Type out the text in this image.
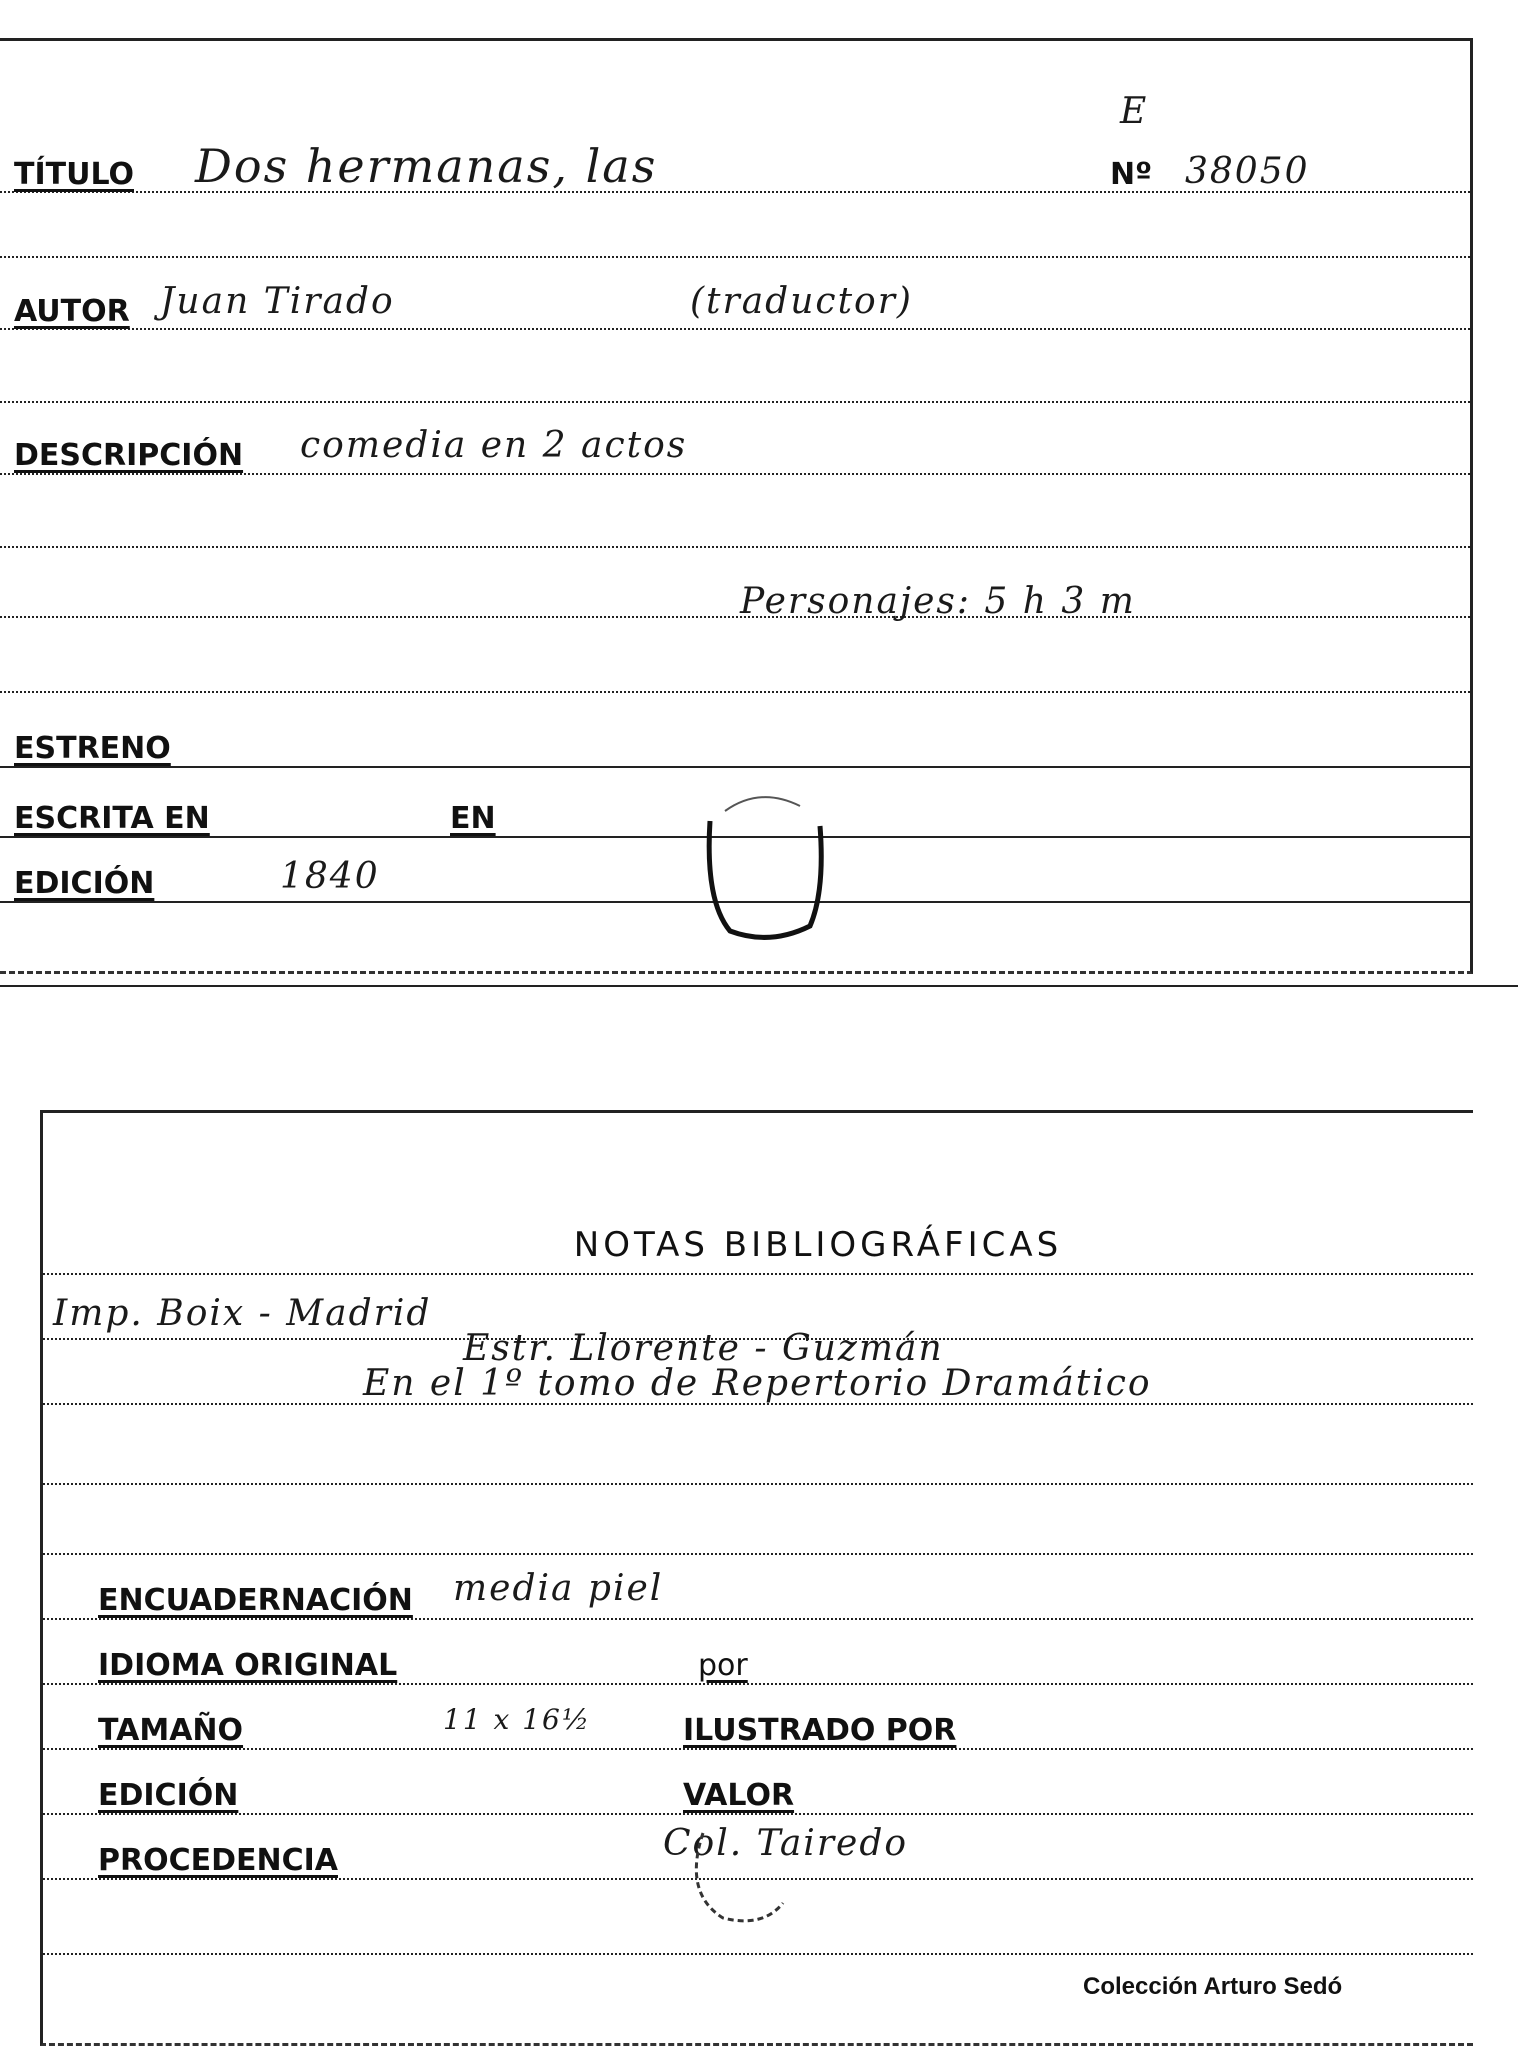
E
TÍTULO Dos hermanas, las	Nº 38050
AUTOR Juan Tirado	(traductor)
DESCRIPCIÓN comedia en 2 actos
Personajes: 5 h 3 m
ESTRENO
ESCRITA EN	EN
EDICIÓN	1840
NOTAS BIBLIOGRÁFICAS
Imp. Boix - Madrid
Estr. Llorente - Guzmán
En el 1º tomo de Repertorio Dramático
ENCUADERNACIÓN media piel
IDIOMA ORIGINAL	por
TAMAÑO	11 x 16½	ILUSTRADO POR
EDICIÓN	VALOR
PROCEDENCIA	Col. Tairedo
Colección Arturo Sedó
